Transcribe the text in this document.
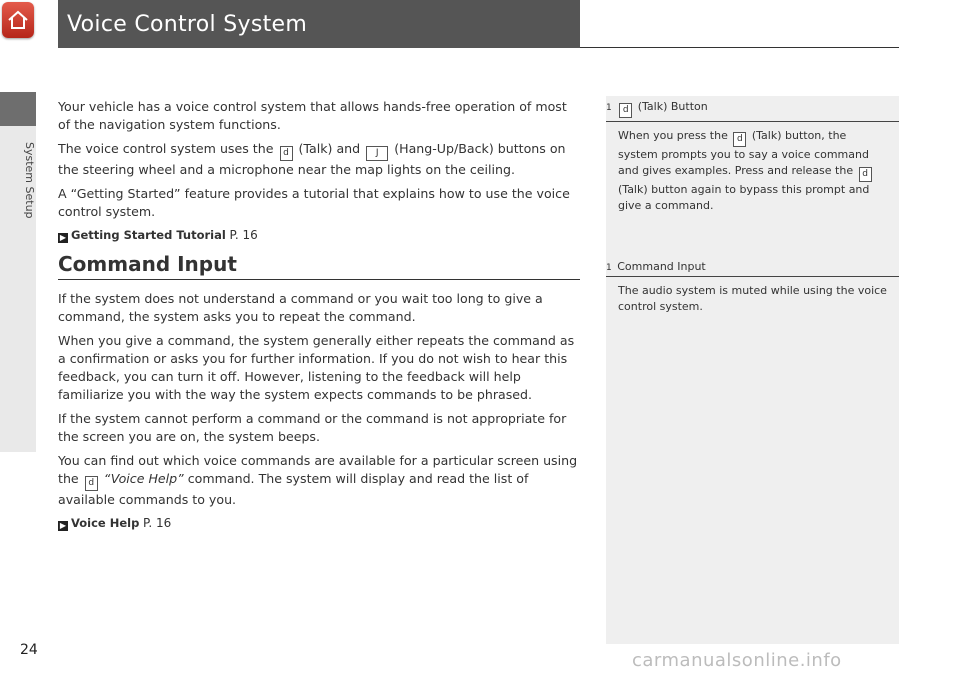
System Setup
Voice Control System

Your vehicle has a voice control system that allows hands-free operation of most of the navigation system functions.

The voice control system uses the d (Talk) and J (Hang-Up/Back) buttons on the steering wheel and a microphone near the map lights on the ceiling.

A “Getting Started” feature provides a tutorial that explains how to use the voice control system.

▶ Getting Started Tutorial P. 16

Command Input

If the system does not understand a command or you wait too long to give a command, the system asks you to repeat the command.

When you give a command, the system generally either repeats the command as a confirmation or asks you for further information. If you do not wish to hear this feedback, you can turn it off. However, listening to the feedback will help familiarize you with the way the system expects commands to be phrased.

If the system cannot perform a command or the command is not appropriate for the screen you are on, the system beeps.

You can find out which voice commands are available for a particular screen using the d “Voice Help” command. The system will display and read the list of available commands to you.

▶ Voice Help P. 16

1 d (Talk) Button
When you press the d (Talk) button, the system prompts you to say a voice command and gives examples. Press and release the d (Talk) button again to bypass this prompt and give a command.
1 Command Input
The audio system is muted while using the voice control system.
24	carmanualsonline.info
